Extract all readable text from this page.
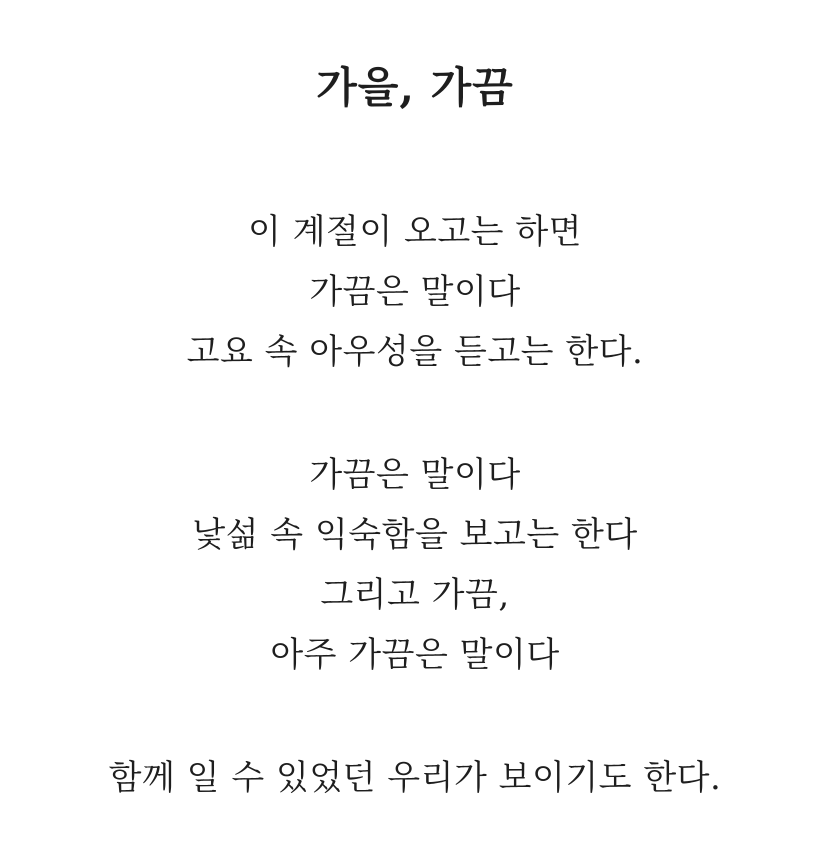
가을, 가끔

이 계절이 오고는 하면

가끔은 말이다

고요 속 아우성을 듣고는 한다.

가끔은 말이다

낯섦 속 익숙함을 보고는 한다

그리고 가끔,

아주 가끔은 말이다

함께 일 수 있었던 우리가 보이기도 한다.
